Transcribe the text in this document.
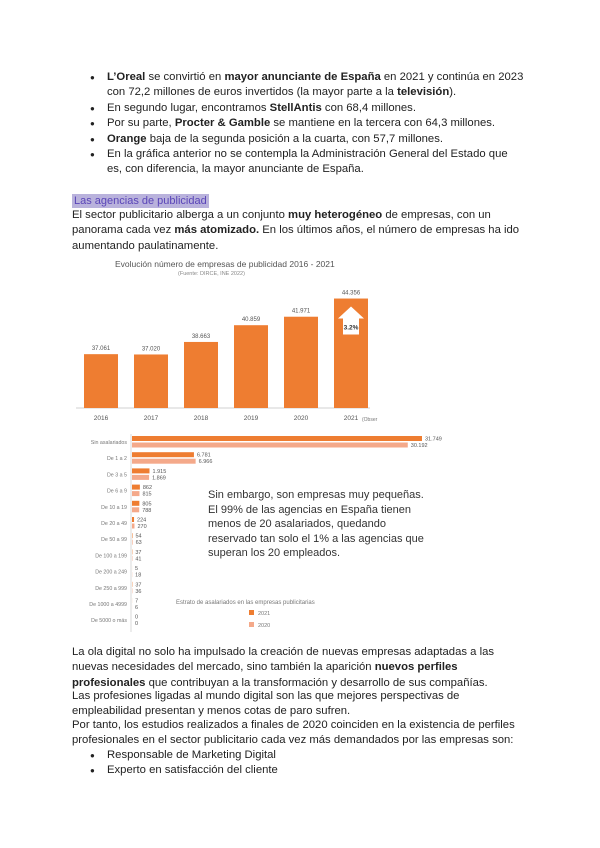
● L’Oreal se convirtió en mayor anunciante de España en 2021 y continúa en 2023 con 72,2 millones de euros invertidos (la mayor parte a la televisión).
● En segundo lugar, encontramos StellAntis con 68,4 millones.
● Por su parte, Procter & Gamble se mantiene en la tercera con 64,3 millones.
● Orange baja de la segunda posición a la cuarta, con 57,7 millones.
● En la gráfica anterior no se contempla la Administración General del Estado que es, con diferencia, la mayor anunciante de España.
Las agencias de publicidad
El sector publicitario alberga a un conjunto muy heterogéneo de empresas, con un panorama cada vez más atomizado. En los últimos años, el número de empresas ha ido aumentando paulatinamente.
Evolución número de empresas de publicidad 2016 - 2021
(Fuente: DIRCE, INE 2022)
37.061
2016
37.020
2017
38.663
2018
40.859
2019
41.971
2020
44.356
2021
3.2%
(Obser
Sin asalariados
31.749
30.192
De 1 a 2
6.781
6.966
De 3 a 5
1.915
1.869
De 6 a 9
862
815
De 10 a 19
805
788
De 20 a 49
224
270
De 50 a 99
54
63
De 100 a 199
37
41
De 200 a 249
5
18
De 250 a 999
37
36
De 1000 a 4999
7
6
De 5000 o más
0
0
Estrato de asalariados en las empresas publicitarias
2021
2020
Sin embargo, son empresas muy pequeñas. El 99% de las agencias en España tienen menos de 20 asalariados, quedando reservado tan solo el 1% a las agencias que superan los 20 empleados.
La ola digital no solo ha impulsado la creación de nuevas empresas adaptadas a las nuevas necesidades del mercado, sino también la aparición nuevos perfiles profesionales que contribuyan a la transformación y desarrollo de sus compañías.
Las profesiones ligadas al mundo digital son las que mejores perspectivas de empleabilidad presentan y menos cotas de paro sufren.
Por tanto, los estudios realizados a finales de 2020 coinciden en la existencia de perfiles profesionales en el sector publicitario cada vez más demandados por las empresas son:
● Responsable de Marketing Digital
● Experto en satisfacción del cliente
